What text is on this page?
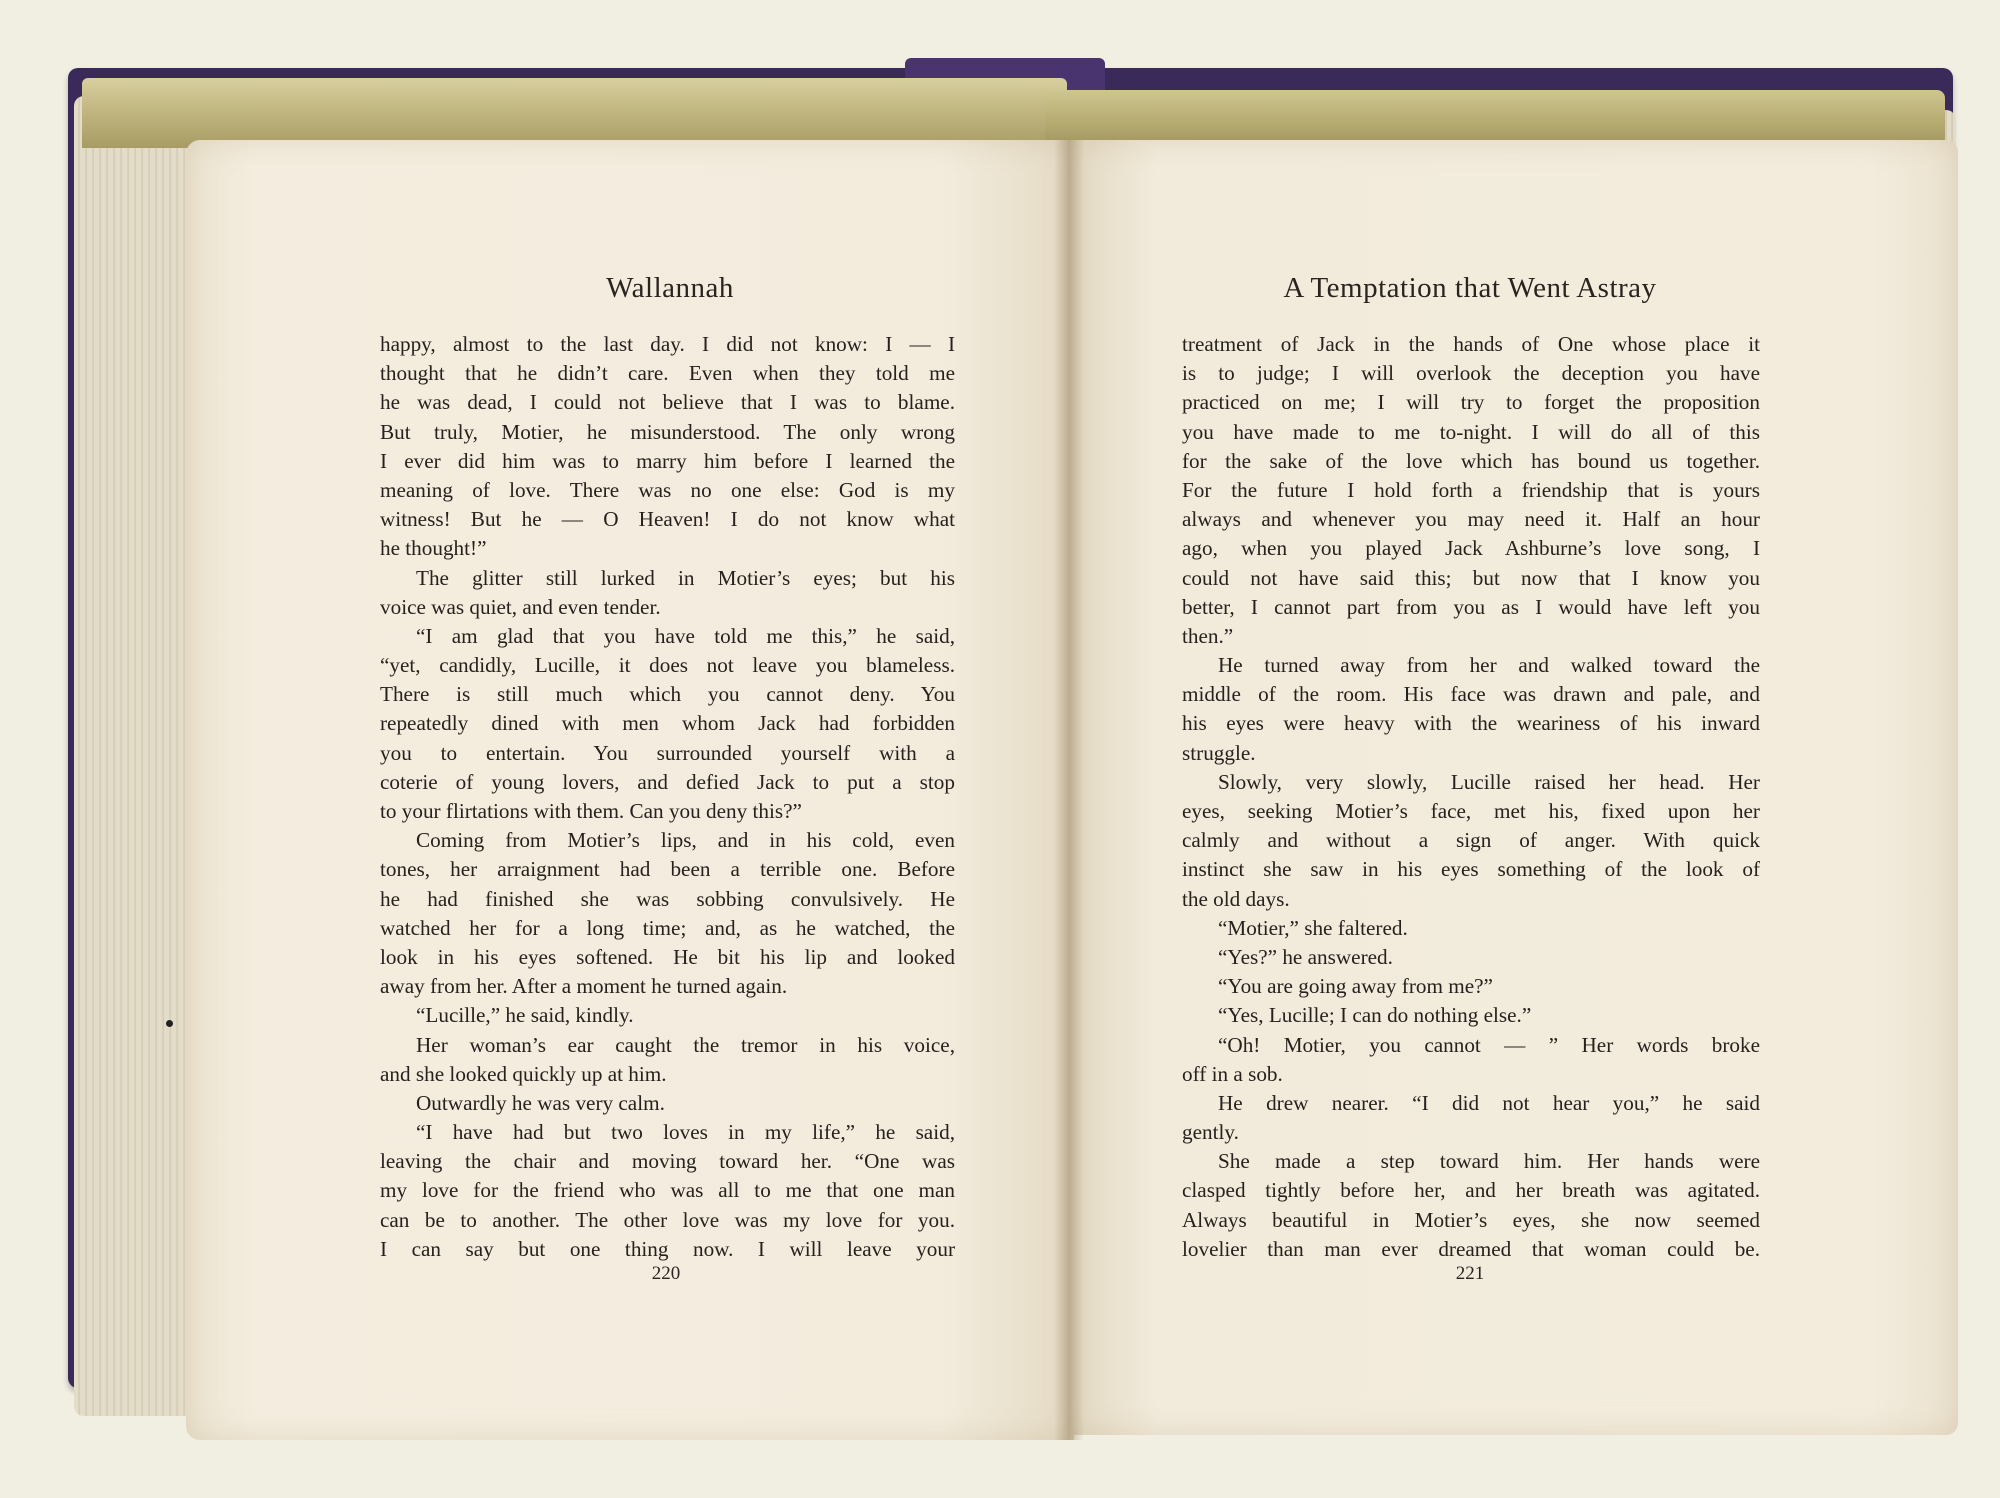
Wallannah
happy, almost to the last day. I did not know: I — I
thought that he didn’t care. Even when they told me
he was dead, I could not believe that I was to blame.
But truly, Motier, he misunderstood. The only wrong
I ever did him was to marry him before I learned the
meaning of love. There was no one else: God is my
witness! But he — O Heaven! I do not know what
he thought!”
The glitter still lurked in Motier’s eyes; but his
voice was quiet, and even tender.
“I am glad that you have told me this,” he said,
“yet, candidly, Lucille, it does not leave you blameless.
There is still much which you cannot deny. You
repeatedly dined with men whom Jack had forbidden
you to entertain. You surrounded yourself with a
coterie of young lovers, and defied Jack to put a stop
to your flirtations with them. Can you deny this?”
Coming from Motier’s lips, and in his cold, even
tones, her arraignment had been a terrible one. Before
he had finished she was sobbing convulsively. He
watched her for a long time; and, as he watched, the
look in his eyes softened. He bit his lip and looked
away from her. After a moment he turned again.
“Lucille,” he said, kindly.
Her woman’s ear caught the tremor in his voice,
and she looked quickly up at him.
Outwardly he was very calm.
“I have had but two loves in my life,” he said,
leaving the chair and moving toward her. “One was
my love for the friend who was all to me that one man
can be to another. The other love was my love for you.
I can say but one thing now. I will leave your
220
A Temptation that Went Astray
treatment of Jack in the hands of One whose place it
is to judge; I will overlook the deception you have
practiced on me; I will try to forget the proposition
you have made to me to-night. I will do all of this
for the sake of the love which has bound us together.
For the future I hold forth a friendship that is yours
always and whenever you may need it. Half an hour
ago, when you played Jack Ashburne’s love song, I
could not have said this; but now that I know you
better, I cannot part from you as I would have left you
then.”
He turned away from her and walked toward the
middle of the room. His face was drawn and pale, and
his eyes were heavy with the weariness of his inward
struggle.
Slowly, very slowly, Lucille raised her head. Her
eyes, seeking Motier’s face, met his, fixed upon her
calmly and without a sign of anger. With quick
instinct she saw in his eyes something of the look of
the old days.
“Motier,” she faltered.
“Yes?” he answered.
“You are going away from me?”
“Yes, Lucille; I can do nothing else.”
“Oh! Motier, you cannot — ” Her words broke
off in a sob.
He drew nearer. “I did not hear you,” he said
gently.
She made a step toward him. Her hands were
clasped tightly before her, and her breath was agitated.
Always beautiful in Motier’s eyes, she now seemed
lovelier than man ever dreamed that woman could be.
221
